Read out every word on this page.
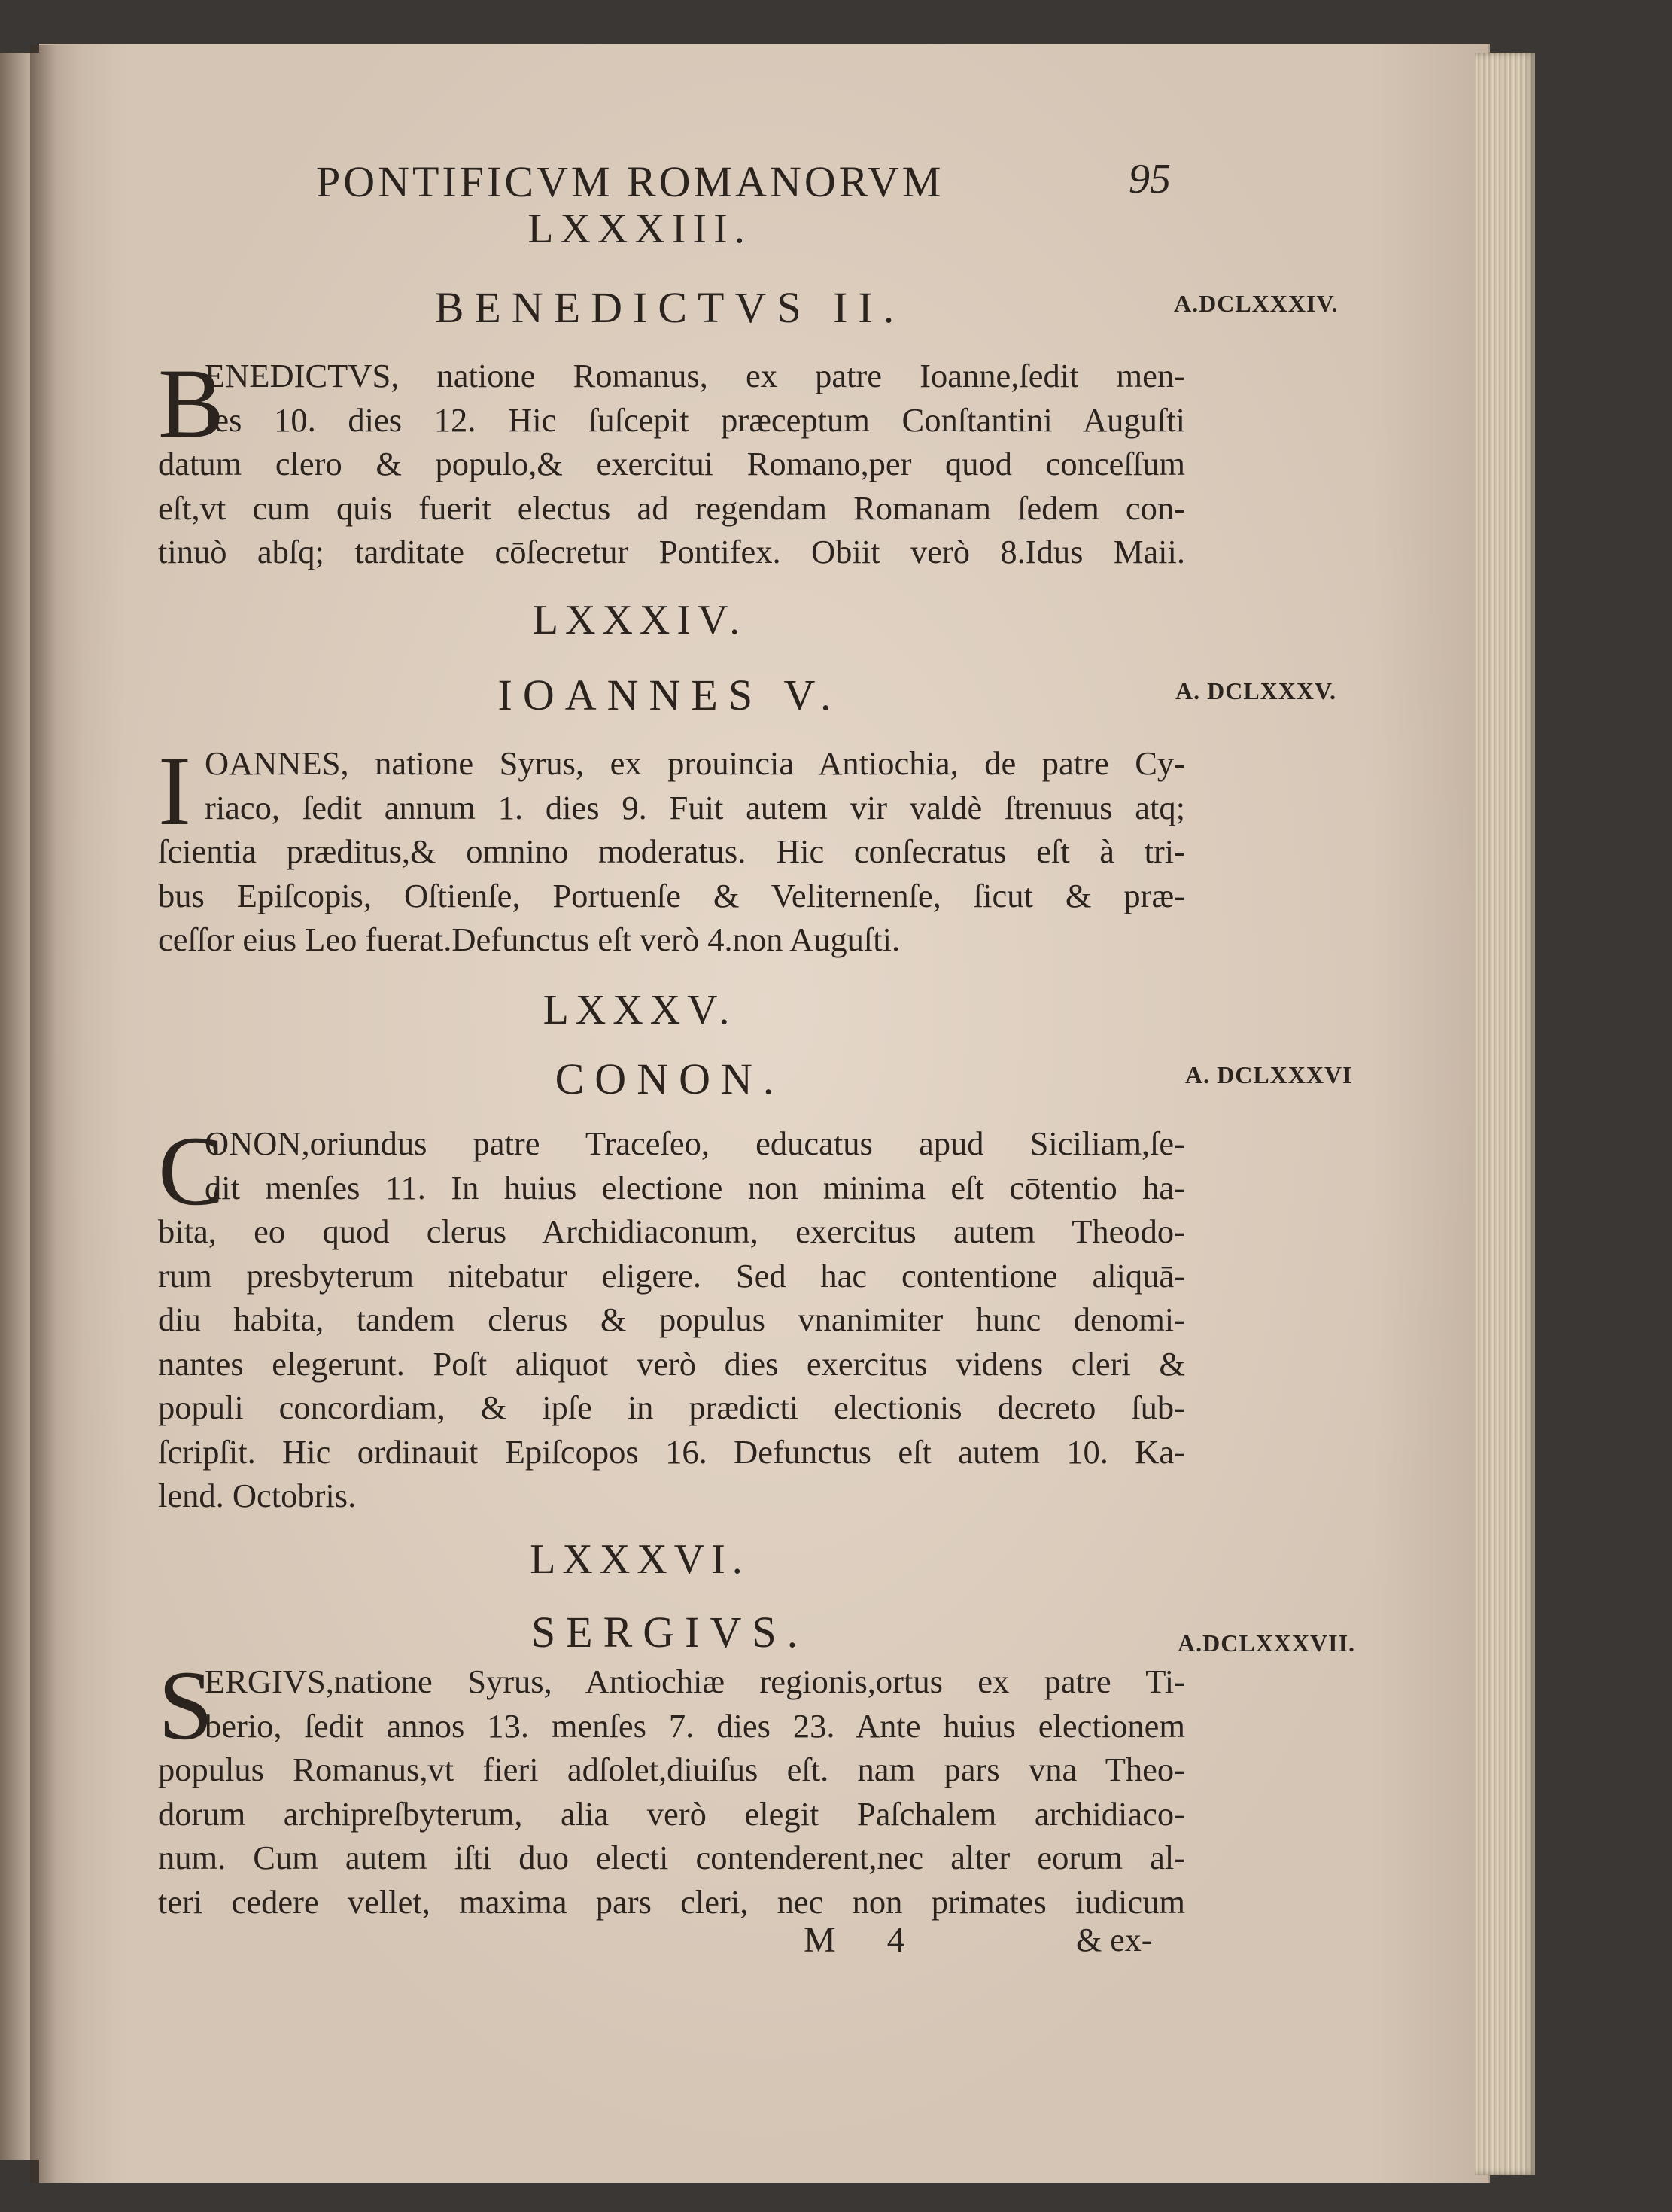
PONTIFICVM ROMANORVM	95
LXXXIII.
BENEDICTVS II.	A.DCLXXXIV.
B
ENEDICTVS, natione Romanus, ex patre Ioanne,ſedit men-
ſes 10. dies 12. Hic ſuſcepit præceptum Conſtantini Auguſti
datum clero & populo,& exercitui Romano,per quod conceſſum
eſt,vt cum quis fuerit electus ad regendam Romanam ſedem con-
tinuò abſq; tarditate cōſecretur Pontifex. Obiit verò 8.Idus Maii.
LXXXIV.
IOANNES V.	A. DCLXXXV.
I OANNES, natione Syrus, ex prouincia Antiochia, de patre Cy-
riaco, ſedit annum 1. dies 9. Fuit autem vir valdè ſtrenuus atq;
ſcientia præditus,& omnino moderatus. Hic conſecratus eſt à tri-
bus Epiſcopis, Oſtienſe, Portuenſe & Veliternenſe, ſicut & præ-
ceſſor eius Leo fuerat.Defunctus eſt verò 4.non Auguſti.
LXXXV.
CONON.	A. DCLXXXVI
C
ONON,oriundus patre Traceſeo, educatus apud Siciliam,ſe-
dit menſes 11. In huius electione non minima eſt cōtentio ha-
bita, eo quod clerus Archidiaconum, exercitus autem Theodo-
rum presbyterum nitebatur eligere. Sed hac contentione aliquā-
diu habita, tandem clerus & populus vnanimiter hunc denomi-
nantes elegerunt. Poſt aliquot verò dies exercitus videns cleri &
populi concordiam, & ipſe in prædicti electionis decreto ſub-
ſcripſit. Hic ordinauit Epiſcopos 16. Defunctus eſt autem 10. Ka-
lend. Octobris.
LXXXVI.
SERGIVS.	A.DCLXXXVII.
S
ERGIVS,natione Syrus, Antiochiæ regionis,ortus ex patre Ti-
berio, ſedit annos 13. menſes 7. dies 23. Ante huius electionem
populus Romanus,vt fieri adſolet,diuiſus eſt. nam pars vna Theo-
dorum archipreſbyterum, alia verò elegit Paſchalem archidiaco-
num. Cum autem iſti duo electi contenderent,nec alter eorum al-
teri cedere vellet, maxima pars cleri, nec non primates iudicum
M 4	& ex-
